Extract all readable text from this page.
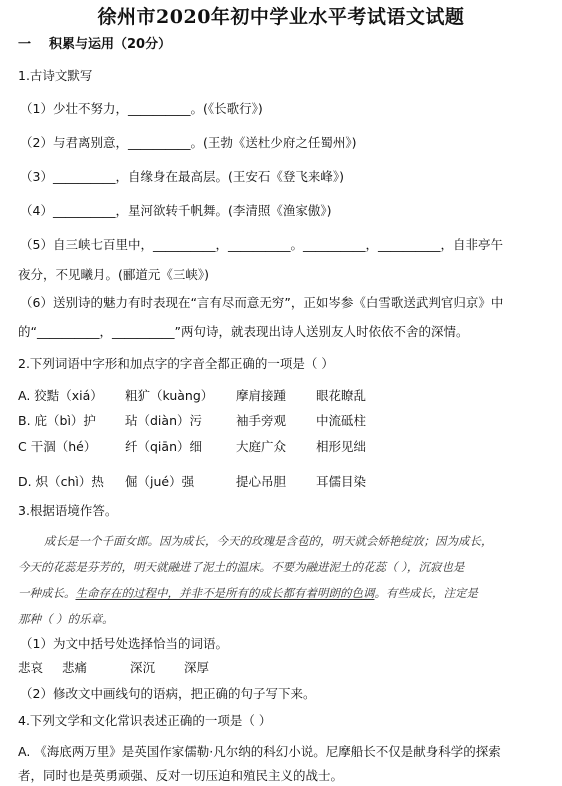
徐州市2020年初中学业水平考试语文试题
一 积累与运用（20分）
1.古诗文默写
（1）少壮不努力，__________。(《长歌行》)
（2）与君离别意，__________。(王勃《送杜少府之任蜀州》)
（3）__________，自缘身在最高层。(王安石《登飞来峰》)
（4）__________，星河欲转千帆舞。(李清照《渔家傲》)
（5）自三峡七百里中，__________，__________。__________，__________，自非亭午
夜分，不见曦月。(郦道元《三峡》)
（6）送别诗的魅力有时表现在“言有尽而意无穷”，正如岑参《白雪歌送武判官归京》中
的“__________，__________”两句诗，就表现出诗人送别友人时依依不舍的深情。
2.下列词语中字形和加点字的字音全都正确的一项是（ ）
A. 狡黠（xiá） 粗犷（kuàng） 摩肩接踵 眼花瞭乱
B. 庇（bì）护 玷（diàn）污	袖手旁观 中流砥柱
C 干涸（hé） 纤（qiān）细	大庭广众 相形见绌
D. 炽（chì）热 倔（jué）强	提心吊胆 耳儒目染
3.根据语境作答。
成长是一个千面女郎。因为成长，今天的玫瑰是含苞的，明天就会娇艳绽放；因为成长，
今天的花蕊是芬芳的，明天就融进了泥土的温床。不要为融进泥土的花蕊（ ），沉寂也是
一种成长。生命存在的过程中，并非不是所有的成长都有着明朗的色调。有些成长，注定是
那种（ ）的乐章。
（1）为文中括号处选择恰当的词语。
悲哀 悲痛	深沉 深厚
（2）修改文中画线句的语病，把正确的句子写下来。
4.下列文学和文化常识表述正确的一项是（ ）
A. 《海底两万里》是英国作家儒勒·凡尔纳的科幻小说。尼摩船长不仅是献身科学的探索
者，同时也是英勇顽强、反对一切压迫和殖民主义的战士。
